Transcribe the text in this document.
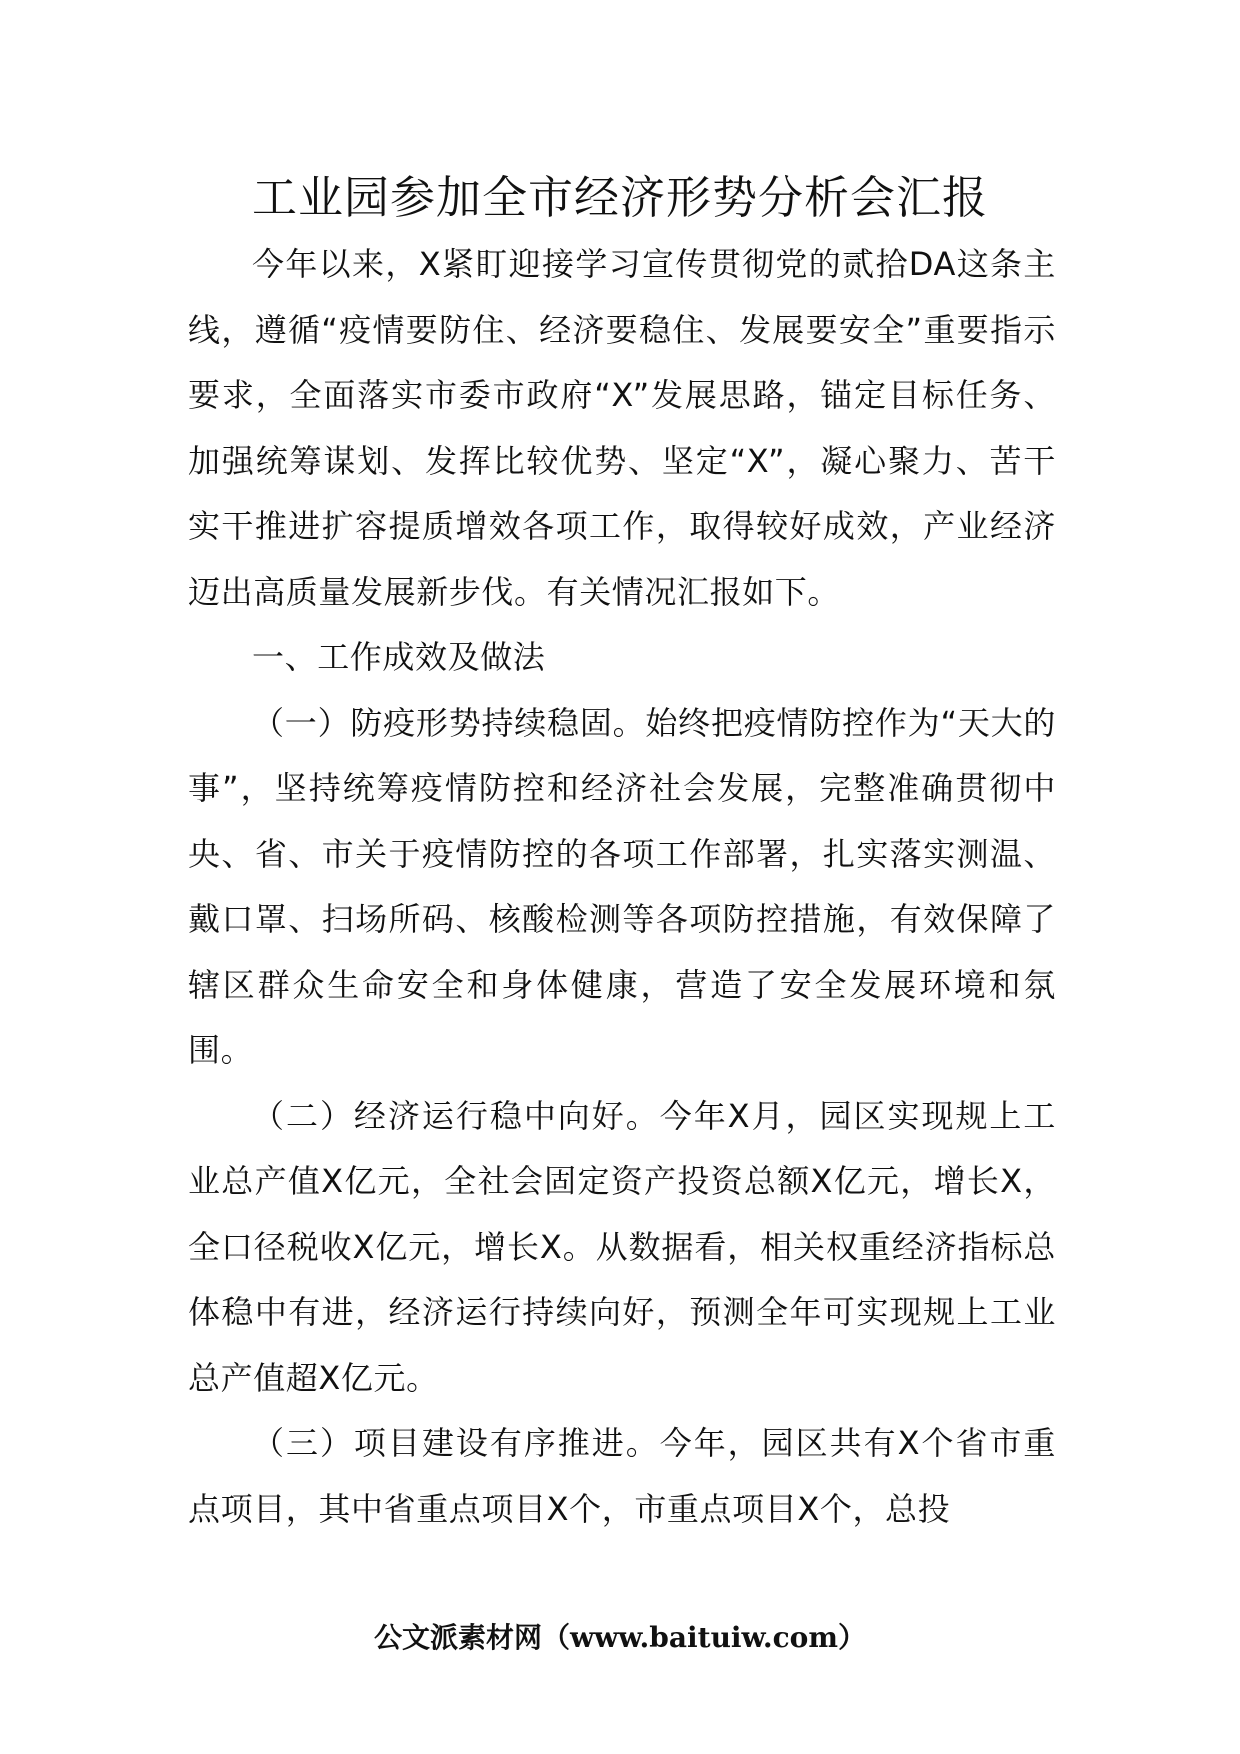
工业园参加全市经济形势分析会汇报

今年以来，X紧盯迎接学习宣传贯彻党的贰拾DA这条主线，遵循“疫情要防住、经济要稳住、发展要安全”重要指示要求，全面落实市委市政府“X”发展思路，锚定目标任务、加强统筹谋划、发挥比较优势、坚定“X”，凝心聚力、苦干实干推进扩容提质增效各项工作，取得较好成效，产业经济迈出高质量发展新步伐。有关情况汇报如下。

一、工作成效及做法

（一）防疫形势持续稳固。始终把疫情防控作为“天大的事”，坚持统筹疫情防控和经济社会发展，完整准确贯彻中央、省、市关于疫情防控的各项工作部署，扎实落实测温、戴口罩、扫场所码、核酸检测等各项防控措施，有效保障了辖区群众生命安全和身体健康，营造了安全发展环境和氛围。

（二）经济运行稳中向好。今年X月，园区实现规上工业总产值X亿元，全社会固定资产投资总额X亿元，增长X，全口径税收X亿元，增长X。从数据看，相关权重经济指标总体稳中有进，经济运行持续向好，预测全年可实现规上工业总产值超X亿元。

（三）项目建设有序推进。今年，园区共有X个省市重点项目，其中省重点项目X个，市重点项目X个，总投

公文派素材网（www.baituiw.com）
